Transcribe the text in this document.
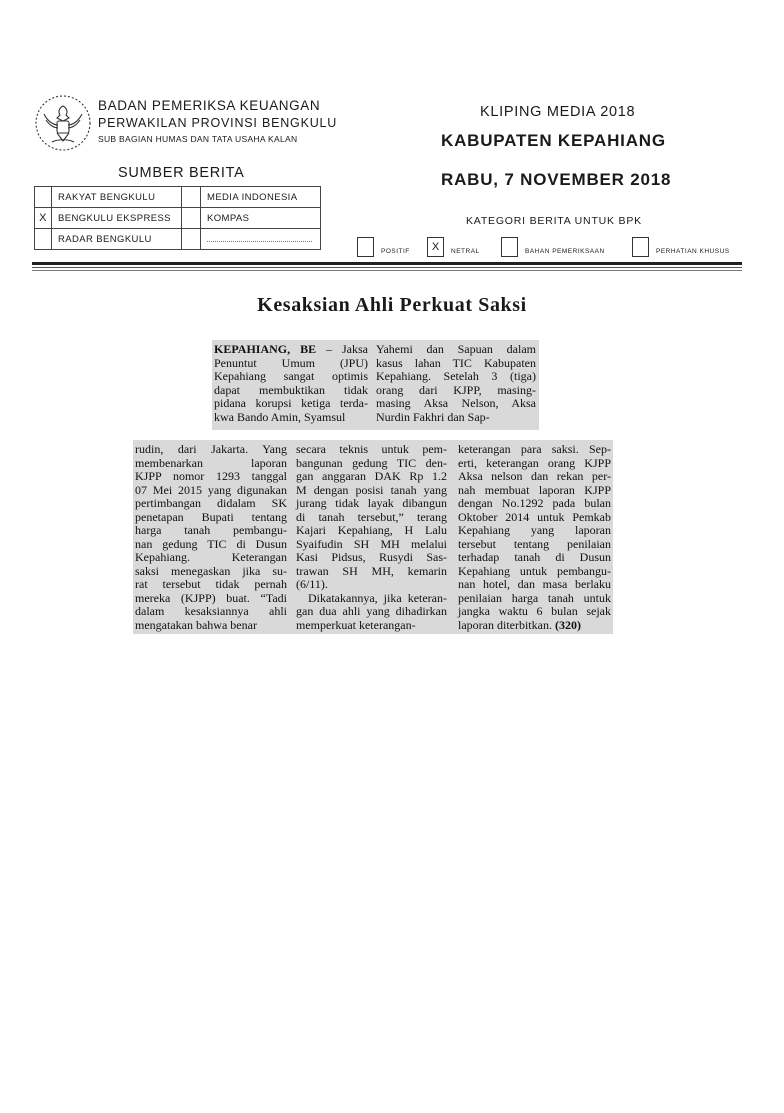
BADAN PEMERIKSA KEUANGAN
PERWAKILAN PROVINSI BENGKULU
SUB BAGIAN HUMAS DAN TATA USAHA KALAN
SUMBER BERITA
	RAKYAT BENGKULU		MEDIA INDONESIA
X	BENGKULU EKSPRESS		KOMPAS
	RADAR BENGKULU		
KLIPING MEDIA 2018
KABUPATEN KEPAHIANG
RABU, 7 NOVEMBER 2018
KATEGORI BERITA UNTUK BPK
POSITIF	X	NETRAL	BAHAN PEMERIKSAAN	PERHATIAN KHUSUS
Kesaksian Ahli Perkuat Saksi
KEPAHIANG, BE – Jaksa
Penuntut Umum (JPU)
Kepahiang sangat optimis
dapat membuktikan tidak
pidana korupsi ketiga terda-
kwa Bando Amin, Syamsul
Yahemi dan Sapuan dalam
kasus lahan TIC Kabupaten
Kepahiang. Setelah 3 (tiga)
orang dari KJPP, masing-
masing Aksa Nelson, Aksa
Nurdin Fakhri dan Sap-
rudin, dari Jakarta. Yang
membenarkan laporan
KJPP nomor 1293 tanggal
07 Mei 2015 yang digunakan
pertimbangan didalam SK
penetapan Bupati tentang
harga tanah pembangu-
nan gedung TIC di Dusun
Kepahiang. Keterangan
saksi menegaskan jika su-
rat tersebut tidak pernah
mereka (KJPP) buat. “Tadi
dalam kesaksiannya ahli
mengatakan bahwa benar
secara teknis untuk pem-
bangunan gedung TIC den-
gan anggaran DAK Rp 1.2
M dengan posisi tanah yang
jurang tidak layak dibangun
di tanah tersebut,” terang
Kajari Kepahiang, H Lalu
Syaifudin SH MH melalui
Kasi Pidsus, Rusydi Sas-
trawan SH MH, kemarin
(6/11).
 Dikatakannya, jika keteran-
gan dua ahli yang dihadirkan
memperkuat keterangan-
keterangan para saksi. Sep-
erti, keterangan orang KJPP
Aksa nelson dan rekan per-
nah membuat laporan KJPP
dengan No.1292 pada bulan
Oktober 2014 untuk Pemkab
Kepahiang yang laporan
tersebut tentang penilaian
terhadap tanah di Dusun
Kepahiang untuk pembangu-
nan hotel, dan masa berlaku
penilaian harga tanah untuk
jangka waktu 6 bulan sejak
laporan diterbitkan. (320)
